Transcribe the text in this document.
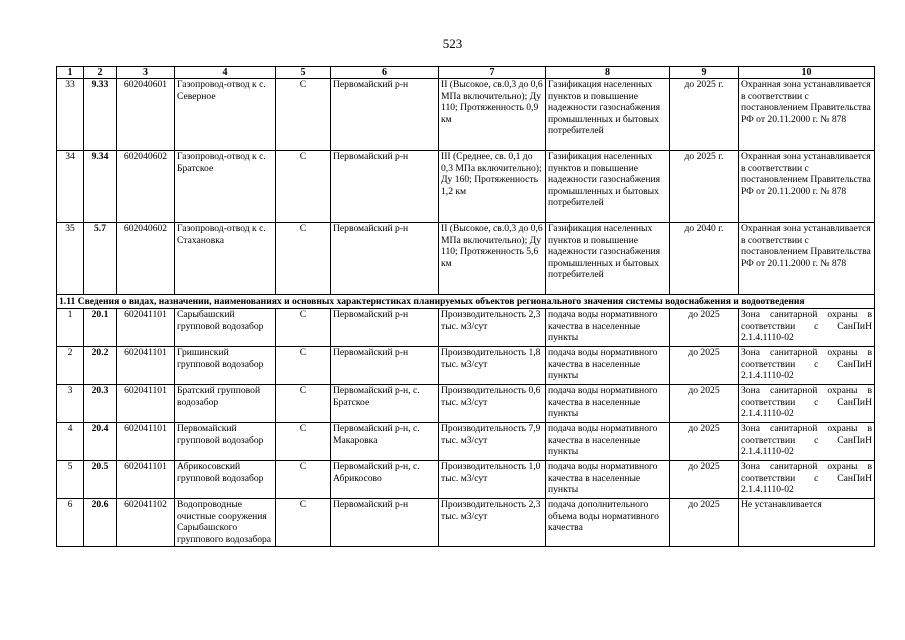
523
1	2	3	4	5	6	7	8	9	10
33	9.33	602040601	Газопровод-отвод к с. Северное	С	Первомайский р-н	II (Высокое, св.0,3 до 0,6 МПа включительно); Ду 110; Протяженность 0,9 км	Газификация населенных пунктов и повышение надежности газоснабжения промышленных и бытовых потребителей	до 2025 г.	Охранная зона устанавливается в соответствии с постановлением Правительства РФ от 20.11.2000 г. № 878
34	9.34	602040602	Газопровод-отвод к с. Братское	С	Первомайский р-н	III (Среднее, св. 0,1 до 0,3 МПа включительно); Ду 160; Протяженность 1,2 км	Газификация населенных пунктов и повышение надежности газоснабжения промышленных и бытовых потребителей	до 2025 г.	Охранная зона устанавливается в соответствии с постановлением Правительства РФ от 20.11.2000 г. № 878
35	5.7	602040602	Газопровод-отвод к с. Стахановка	С	Первомайский р-н	II (Высокое, св.0,3 до 0,6 МПа включительно); Ду 110; Протяженность 5,6 км	Газификация населенных пунктов и повышение надежности газоснабжения промышленных и бытовых потребителей	до 2040 г.	Охранная зона устанавливается в соответствии с постановлением Правительства РФ от 20.11.2000 г. № 878
1.11 Сведения о видах, назначении, наименованиях и основных характеристиках планируемых объектов регионального значения системы водоснабжения и водоотведения									
1	20.1	602041101	Сарыбашский групповой водозабор	С	Первомайский р-н	Производительность 2,3 тыс. м3/сут	подача воды нормативного качества в населенные пункты	до 2025	Зона санитарной охраны в соответствии с СанПиН 2.1.4.1110-02
2	20.2	602041101	Гришинский групповой водозабор	С	Первомайский р-н	Производительность 1,8 тыс. м3/сут	подача воды нормативного качества в населенные пункты	до 2025	Зона санитарной охраны в соответствии с СанПиН 2.1.4.1110-02
3	20.3	602041101	Братский групповой водозабор	С	Первомайский р-н, с. Братское	Производительность 0,6 тыс. м3/сут	подача воды нормативного качества в населенные пункты	до 2025	Зона санитарной охраны в соответствии с СанПиН 2.1.4.1110-02
4	20.4	602041101	Первомайский групповой водозабор	С	Первомайский р-н, с. Макаровка	Производительность 7,9 тыс. м3/сут	подача воды нормативного качества в населенные пункты	до 2025	Зона санитарной охраны в соответствии с СанПиН 2.1.4.1110-02
5	20.5	602041101	Абрикосовский групповой водозабор	С	Первомайский р-н, с. Абрикосово	Производительность 1,0 тыс. м3/сут	подача воды нормативного качества в населенные пункты	до 2025	Зона санитарной охраны в соответствии с СанПиН 2.1.4.1110-02
6	20.6	602041102	Водопроводные очистные сооружения Сарыбашского группового водозабора	С	Первомайский р-н	Производительность 2,3 тыс. м3/сут	подача дополнительного объема воды нормативного качества	до 2025	Не устанавливается
